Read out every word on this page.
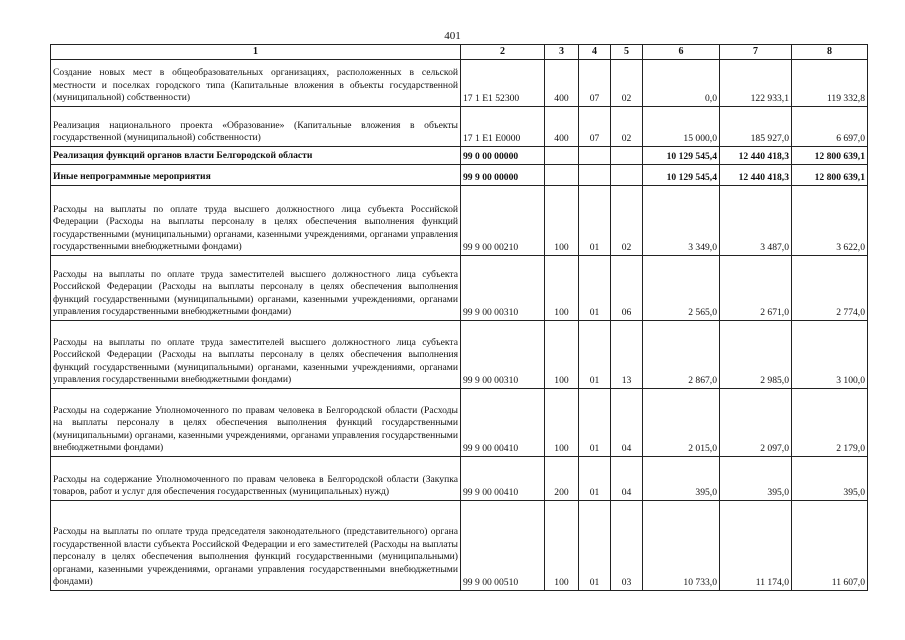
401
1	2	3	4	5	6	7	8
Создание новых мест в общеобразовательных организациях, расположенных в сельской местности и поселках городского типа (Капитальные вложения в объекты государственной (муниципальной) собственности)	17 1 E1 52300	400	07	02	0,0	122 933,1	119 332,8
Реализация национального проекта «Образование» (Капитальные вложения в объекты государственной (муниципальной) собственности)	17 1 E1 E0000	400	07	02	15 000,0	185 927,0	6 697,0
Реализация функций органов власти Белгородской области	99 0 00 00000				10 129 545,4	12 440 418,3	12 800 639,1
Иные непрограммные мероприятия	99 9 00 00000				10 129 545,4	12 440 418,3	12 800 639,1
Расходы на выплаты по оплате труда высшего должностного лица субъекта Российской Федерации (Расходы на выплаты персоналу в целях обеспечения выполнения функций государственными (муниципальными) органами, казенными учреждениями, органами управления государственными внебюджетными фондами)	99 9 00 00210	100	01	02	3 349,0	3 487,0	3 622,0
Расходы на выплаты по оплате труда заместителей высшего должностного лица субъекта Российской Федерации (Расходы на выплаты персоналу в целях обеспечения выполнения функций государственными (муниципальными) органами, казенными учреждениями, органами управления государственными внебюджетными фондами)	99 9 00 00310	100	01	06	2 565,0	2 671,0	2 774,0
Расходы на выплаты по оплате труда заместителей высшего должностного лица субъекта Российской Федерации (Расходы на выплаты персоналу в целях обеспечения выполнения функций государственными (муниципальными) органами, казенными учреждениями, органами управления государственными внебюджетными фондами)	99 9 00 00310	100	01	13	2 867,0	2 985,0	3 100,0
Расходы на содержание Уполномоченного по правам человека в Белгородской области (Расходы на выплаты персоналу в целях обеспечения выполнения функций государственными (муниципальными) органами, казенными учреждениями, органами управления государственными внебюджетными фондами)	99 9 00 00410	100	01	04	2 015,0	2 097,0	2 179,0
Расходы на содержание Уполномоченного по правам человека в Белгородской области (Закупка товаров, работ и услуг для обеспечения государственных (муниципальных) нужд)	99 9 00 00410	200	01	04	395,0	395,0	395,0
Расходы на выплаты по оплате труда председателя законодательного (представительного) органа государственной власти субъекта Российской Федерации и его заместителей (Расходы на выплаты персоналу в целях обеспечения выполнения функций государственными (муниципальными) органами, казенными учреждениями, органами управления государственными внебюджетными фондами)	99 9 00 00510	100	01	03	10 733,0	11 174,0	11 607,0
